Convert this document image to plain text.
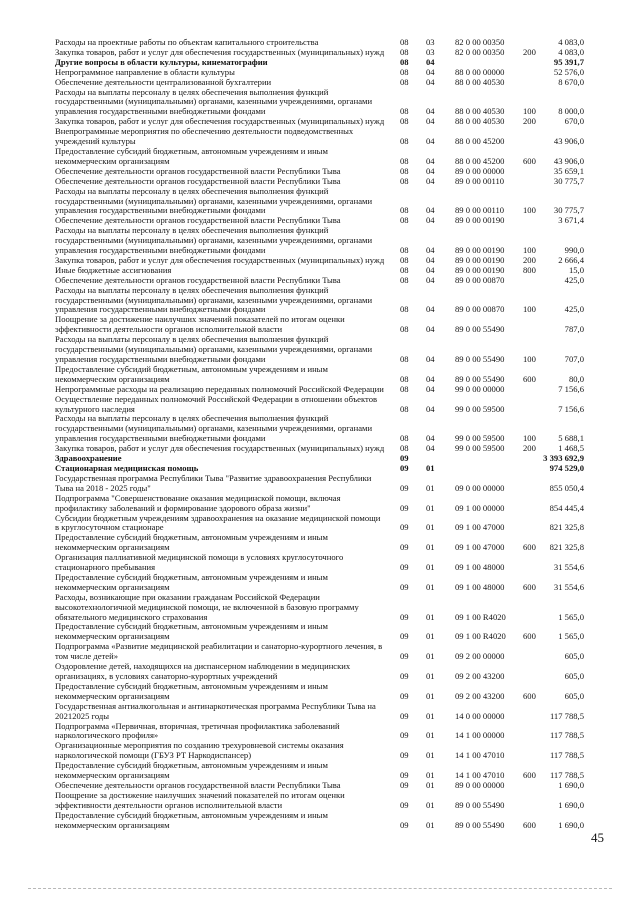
Расходы на проектные работы по объектам капитального строительства	08	03	82 0 00 00350		4 083,0
Закупка товаров, работ и услуг для обеспечения государственных (муниципальных) нужд	08	03	82 0 00 00350	200	4 083,0
Другие вопросы в области культуры, кинематографии	08	04			95 391,7
Непрограммное направление в области культуры	08	04	88 0 00 00000		52 576,0
Обеспечение деятельности централизованной бухгалтерии	08	04	88 0 00 40530		8 670,0
Расходы на выплаты персоналу в целях обеспечения выполнения функций
государственными (муниципальными) органами, казенными учреждениями, органами
управления государственными внебюджетными фондами	08	04	88 0 00 40530	100	8 000,0
Закупка товаров, работ и услуг для обеспечения государственных (муниципальных) нужд	08	04	88 0 00 40530	200	670,0
Внепрограммные мероприятия по обеспечению деятельности подведомственных
учреждений культуры	08	04	88 0 00 45200		43 906,0
Предоставление субсидий бюджетным, автономным учреждениям и иным
некоммерческим организациям	08	04	88 0 00 45200	600	43 906,0
Обеспечение деятельности органов государственной власти Республики Тыва	08	04	89 0 00 00000		35 659,1
Обеспечение деятельности органов государственной власти Республики Тыва	08	04	89 0 00 00110		30 775,7
Расходы на выплаты персоналу в целях обеспечения выполнения функций
государственными (муниципальными) органами, казенными учреждениями, органами
управления государственными внебюджетными фондами	08	04	89 0 00 00110	100	30 775,7
Обеспечение деятельности органов государственной власти Республики Тыва	08	04	89 0 00 00190		3 671,4
Расходы на выплаты персоналу в целях обеспечения выполнения функций
государственными (муниципальными) органами, казенными учреждениями, органами
управления государственными внебюджетными фондами	08	04	89 0 00 00190	100	990,0
Закупка товаров, работ и услуг для обеспечения государственных (муниципальных) нужд	08	04	89 0 00 00190	200	2 666,4
Иные бюджетные ассигнования	08	04	89 0 00 00190	800	15,0
Обеспечение деятельности органов государственной власти Республики Тыва	08	04	89 0 00 00870		425,0
Расходы на выплаты персоналу в целях обеспечения выполнения функций
государственными (муниципальными) органами, казенными учреждениями, органами
управления государственными внебюджетными фондами	08	04	89 0 00 00870	100	425,0
Поощрение за достижение наилучших значений показателей по итогам оценки
эффективности деятельности органов исполнительной власти	08	04	89 0 00 55490		787,0
Расходы на выплаты персоналу в целях обеспечения выполнения функций
государственными (муниципальными) органами, казенными учреждениями, органами
управления государственными внебюджетными фондами	08	04	89 0 00 55490	100	707,0
Предоставление субсидий бюджетным, автономным учреждениям и иным
некоммерческим организациям	08	04	89 0 00 55490	600	80,0
Непрограммные расходы на реализацию переданных полномочий Российской Федерации	08	04	99 0 00 00000		7 156,6
Осуществление переданных полномочий Российской Федерации в отношении объектов
культурного наследия	08	04	99 0 00 59500		7 156,6
Расходы на выплаты персоналу в целях обеспечения выполнения функций
государственными (муниципальными) органами, казенными учреждениями, органами
управления государственными внебюджетными фондами	08	04	99 0 00 59500	100	5 688,1
Закупка товаров, работ и услуг для обеспечения государственных (муниципальных) нужд	08	04	99 0 00 59500	200	1 468,5
Здравоохранение	09				3 393 692,9
Стационарная медицинская помощь	09	01			974 529,0
Государственная программа Республики Тыва "Развитие здравоохранения Республики
Тыва на 2018 - 2025 годы"	09	01	09 0 00 00000		855 050,4
Подпрограмма "Совершенствование оказания медицинской помощи, включая
профилактику заболеваний и формирование здорового образа жизни"	09	01	09 1 00 00000		854 445,4
Субсидии бюджетным учреждениям здравоохранения на оказание медицинской помощи
в круглосуточном стационаре	09	01	09 1 00 47000		821 325,8
Предоставление субсидий бюджетным, автономным учреждениям и иным
некоммерческим организациям	09	01	09 1 00 47000	600	821 325,8
Организация паллиативной медицинской помощи в условиях круглосуточного
стационарного пребывания	09	01	09 1 00 48000		31 554,6
Предоставление субсидий бюджетным, автономным учреждениям и иным
некоммерческим организациям	09	01	09 1 00 48000	600	31 554,6
Расходы, возникающие при оказании гражданам Российской Федерации
высокотехнологичной медицинской помощи, не включенной в базовую программу
обязательного медицинского страхования	09	01	09 1 00 R4020		1 565,0
Предоставление субсидий бюджетным, автономным учреждениям и иным
некоммерческим организациям	09	01	09 1 00 R4020	600	1 565,0
Подпрограмма «Развитие медицинской реабилитации и санаторно-курортного лечения, в
том числе детей»	09	01	09 2 00 00000		605,0
Оздоровление детей, находящихся на диспансерном наблюдении в медицинских
организациях, в условиях санаторно-курортных учреждений	09	01	09 2 00 43200		605,0
Предоставление субсидий бюджетным, автономным учреждениям и иным
некоммерческим организациям	09	01	09 2 00 43200	600	605,0
Государственная антиалкогольная и антинаркотическая программа Республики Тыва на
20212025 годы	09	01	14 0 00 00000		117 788,5
Подпрограмма «Первичная, вторичная, третичная профилактика заболеваний
наркологического профиля»	09	01	14 1 00 00000		117 788,5
Организационные мероприятия по созданию трехуровневой системы оказания
наркологической помощи (ГБУЗ РТ Наркодиспансер)	09	01	14 1 00 47010		117 788,5
Предоставление субсидий бюджетным, автономным учреждениям и иным
некоммерческим организациям	09	01	14 1 00 47010	600	117 788,5
Обеспечение деятельности органов государственной власти Республики Тыва	09	01	89 0 00 00000		1 690,0
Поощрение за достижение наилучших значений показателей по итогам оценки
эффективности деятельности органов исполнительной власти	09	01	89 0 00 55490		1 690,0
Предоставление субсидий бюджетным, автономным учреждениям и иным
некоммерческим организациям	09	01	89 0 00 55490	600	1 690,0
45
